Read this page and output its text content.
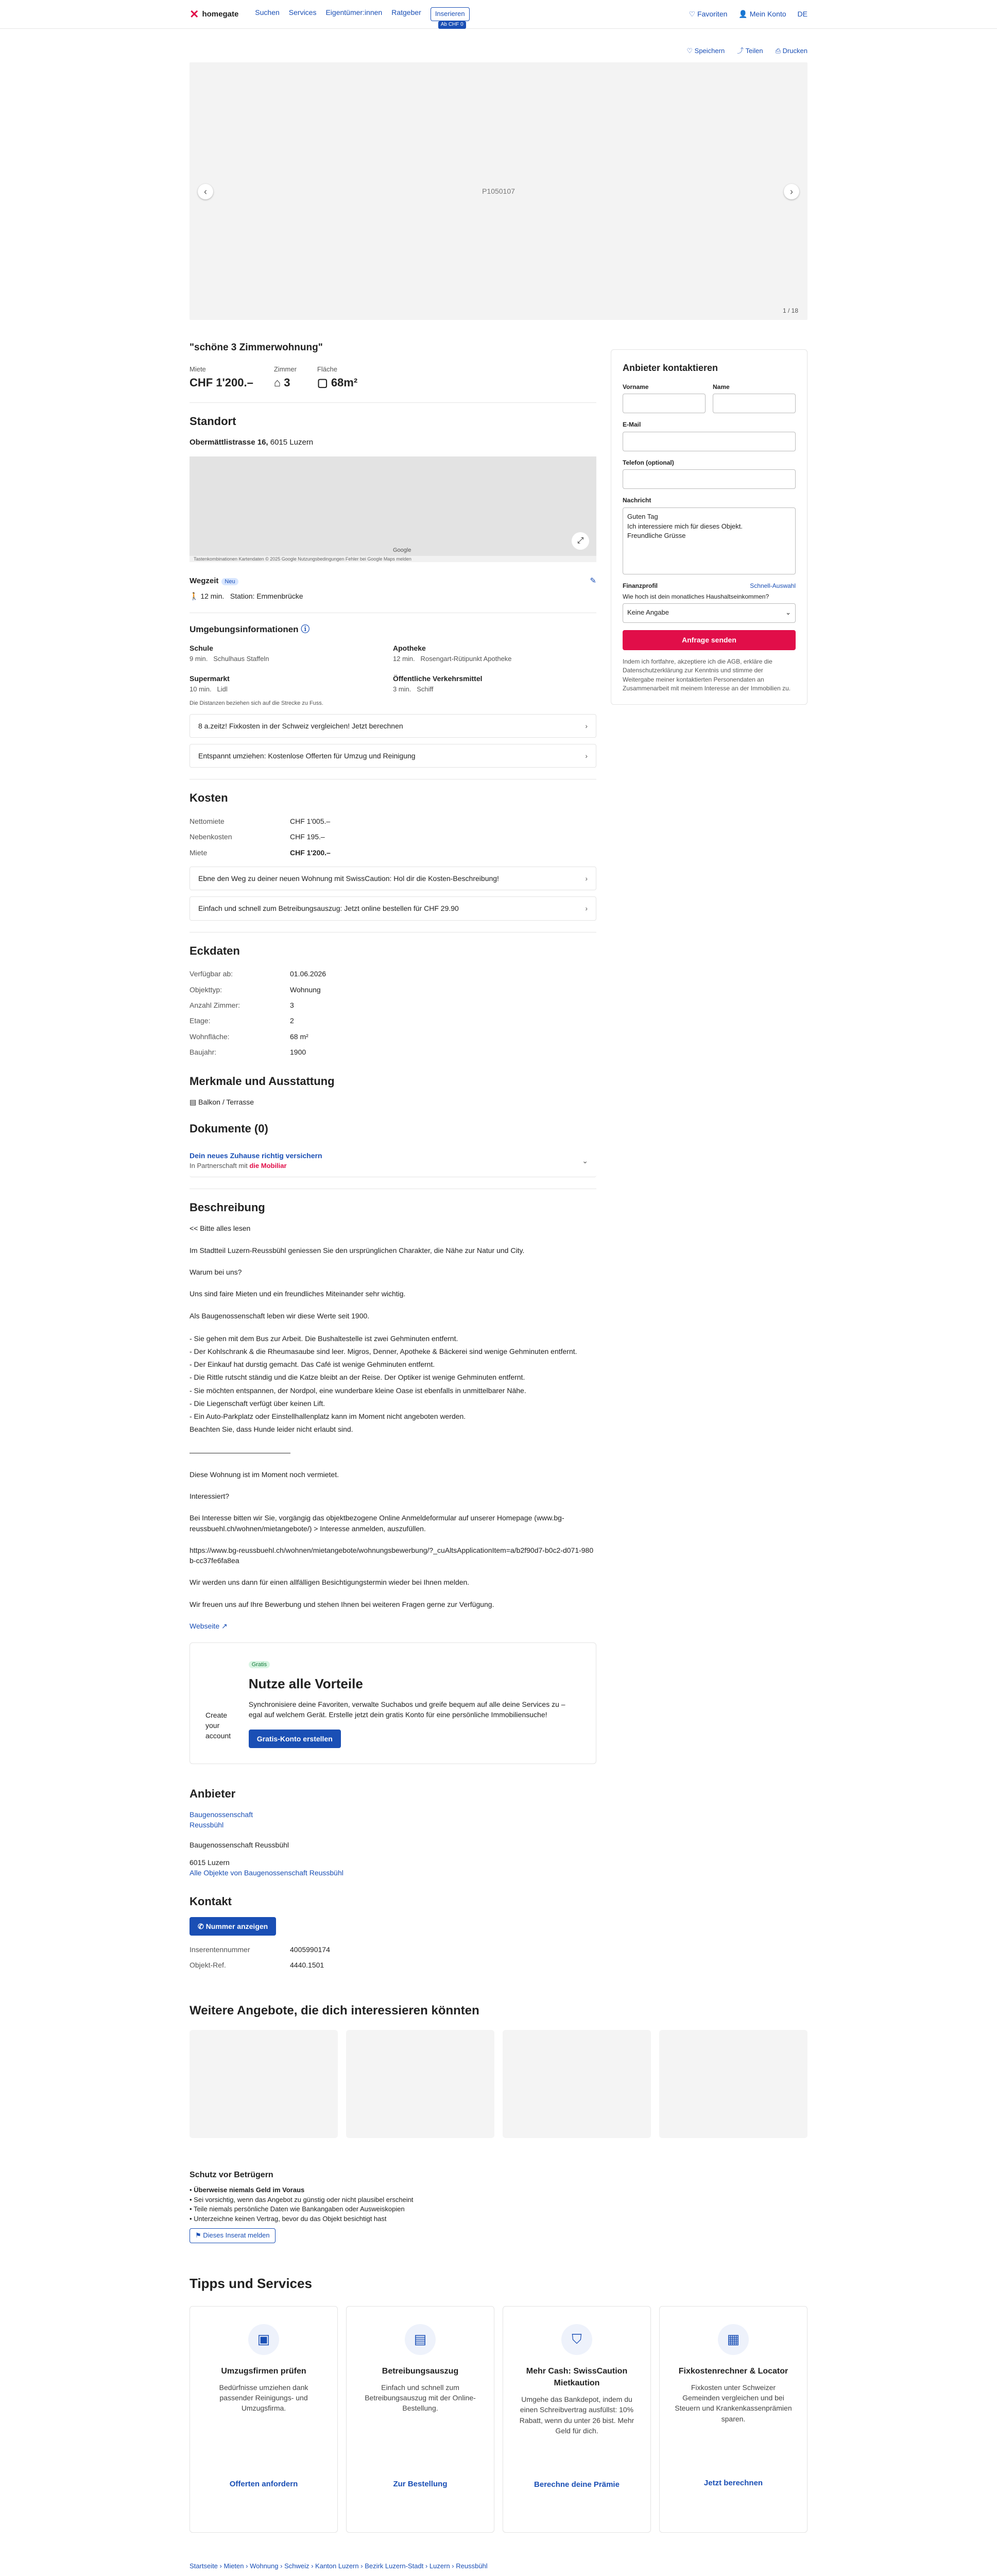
✕ homegate Suchen Services Eigentümer:innen Ratgeber	Inserieren
Ab CHF 0
♡ Favoriten 👤 Mein Konto DE
♡ Speichern ⤴ Teilen ⎙ Drucken
P1050107
‹	›
1 / 18
Anbieter kontaktieren
Vorname	Name
E-Mail
Telefon (optional)
Nachricht
Guten Tag
Ich interessiere mich für dieses Objekt.
Freundliche Grüsse
Finanzprofil	Schnell-Auswahl
Wie hoch ist dein monatliches Haushaltseinkommen?
Keine Angabe	⌄
Anfrage senden

Indem ich fortfahre, akzeptiere ich die AGB, erkläre die Datenschutzerklärung zur Kenntnis und stimme der Weitergabe meiner kontaktierten Personendaten an Zusammenarbeit mit meinem Interesse an der Immobilien zu.

"schöne 3 Zimmerwohnung"
Miete
CHF 1'200.–
Zimmer
⌂ 3
Fläche
▢ 68m²
Standort
Obermättlistrasse 16, 6015 Luzern
⤢
Google
Tastenkombinationen Kartendaten © 2025 Google Nutzungsbedingungen Fehler bei Google Maps melden
Wegzeit Neu	✎
🚶 12 min. Station: Emmenbrücke
Umgebungsinformationen ⓘ
Schule
9 min. Schulhaus Staffeln
Apotheke
12 min. Rosengart-Rütipunkt Apotheke
Supermarkt
10 min. Lidl
Öffentliche Verkehrsmittel
3 min. Schiff
Die Distanzen beziehen sich auf die Strecke zu Fuss.
8 a.zeitz! Fixkosten in der Schweiz vergleichen! Jetzt berechnen	›
Entspannt umziehen: Kostenlose Offerten für Umzug und Reinigung	›
Kosten
Nettomiete	CHF 1'005.–
Nebenkosten	CHF 195.–
Miete	CHF 1'200.–
Ebne den Weg zu deiner neuen Wohnung mit SwissCaution: Hol dir die Kosten-Beschreibung!	›
Einfach und schnell zum Betreibungsauszug: Jetzt online bestellen für CHF 29.90	›
Eckdaten
Verfügbar ab:	01.06.2026
Objekttyp:	Wohnung
Anzahl Zimmer:	3
Etage:	2
Wohnfläche:	68 m²
Baujahr:	1900
Merkmale und Ausstattung
▤ Balkon / Terrasse
Dokumente (0)
Dein neues Zuhause richtig versichern
In Partnerschaft mit die Mobiliar
⌄
Beschreibung

<< Bitte alles lesen

Im Stadtteil Luzern-Reussbühl geniessen Sie den ursprünglichen Charakter, die Nähe zur Natur und City.

Warum bei uns?

Uns sind faire Mieten und ein freundliches Miteinander sehr wichtig.

Als Baugenossenschaft leben wir diese Werte seit 1900.

- Sie gehen mit dem Bus zur Arbeit. Die Bushaltestelle ist zwei Gehminuten entfernt.
- Der Kohlschrank & die Rheumasaube sind leer. Migros, Denner, Apotheke & Bäckerei sind wenige Gehminuten entfernt.
- Der Einkauf hat durstig gemacht. Das Café ist wenige Gehminuten entfernt.
- Die Rittle rutscht ständig und die Katze bleibt an der Reise. Der Optiker ist wenige Gehminuten entfernt.
- Sie möchten entspannen, der Nordpol, eine wunderbare kleine Oase ist ebenfalls in unmittelbarer Nähe.
- Die Liegenschaft verfügt über keinen Lift.
- Ein Auto-Parkplatz oder Einstellhallenplatz kann im Moment nicht angeboten werden.
Beachten Sie, dass Hunde leider nicht erlaubt sind.

——————————————

Diese Wohnung ist im Moment noch vermietet.

Interessiert?

Bei Interesse bitten wir Sie, vorgängig das objektbezogene Online Anmeldeformular auf unserer Homepage (www.bg-reussbuehl.ch/wohnen/mietangebote/) > Interesse anmelden, auszufüllen.

https://www.bg-reussbuehl.ch/wohnen/mietangebote/wohnungsbewerbung/?_cuAltsApplicationItem=a/b2f90d7-b0c2-d071-980b-cc37fe6fa8ea

Wir werden uns dann für einen allfälligen Besichtigungstermin wieder bei Ihnen melden.

Wir freuen uns auf Ihre Bewerbung und stehen Ihnen bei weiteren Fragen gerne zur Verfügung.

Webseite ↗
Create your account
Gratis
Nutze alle Vorteile

Synchronisiere deine Favoriten, verwalte Suchabos und greife bequem auf alle deine Services zu – egal auf welchem Gerät. Erstelle jetzt dein gratis Konto für eine persönliche Immobiliensuche!

Gratis-Konto erstellen
Anbieter
Baugenossenschaft Reussbühl
Baugenossenschaft Reussbühl
6015 Luzern
Alle Objekte von Baugenossenschaft Reussbühl
Kontakt
✆ Nummer anzeigen
Inserentennummer	4005990174
Objekt-Ref.	4440.1501
Weitere Angebote, die dich interessieren könnten
Schutz vor Betrügern
• Überweise niemals Geld im Voraus
• Sei vorsichtig, wenn das Angebot zu günstig oder nicht plausibel erscheint
• Teile niemals persönliche Daten wie Bankangaben oder Ausweiskopien
• Unterzeichne keinen Vertrag, bevor du das Objekt besichtigt hast
⚑ Dieses Inserat melden
Tipps und Services
▣
Umzugsfirmen prüfen

Bedürfnisse umziehen dank passender Reinigungs- und Umzugsfirma.

Offerten anfordern
▤
Betreibungsauszug

Einfach und schnell zum Betreibungsauszug mit der Online-Bestellung.

Zur Bestellung
⛉
Mehr Cash: SwissCaution Mietkaution

Umgehe das Bankdepot, indem du einen Schreibvertrag ausfüllst: 10% Rabatt, wenn du unter 26 bist. Mehr Geld für dich.

Berechne deine Prämie
▦
Fixkostenrechner & Locator

Fixkosten unter Schweizer Gemeinden vergleichen und bei Steuern und Krankenkassenprämien sparen.

Jetzt berechnen
Startseite › Mieten › Wohnung › Schweiz › Kanton Luzern › Bezirk Luzern-Stadt › Luzern › Reussbühl
